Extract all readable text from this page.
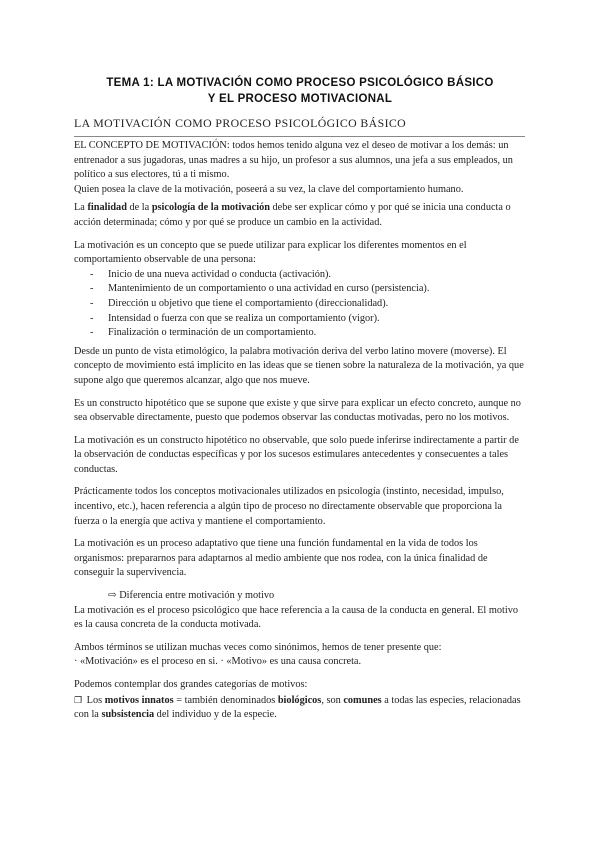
TEMA 1: LA MOTIVACIÓN COMO PROCESO PSICOLÓGICO BÁSICO
Y EL PROCESO MOTIVACIONAL
LA MOTIVACIÓN COMO PROCESO PSICOLÓGICO BÁSICO

EL CONCEPTO DE MOTIVACIÓN: todos hemos tenido alguna vez el deseo de motivar a los demás: un entrenador a sus jugadoras, unas madres a su hijo, un profesor a sus alumnos, una jefa a sus empleados, un político a sus electores, tú a ti mismo.

Quien posea la clave de la motivación, poseerá a su vez, la clave del comportamiento humano.

La finalidad de la psicología de la motivación debe ser explicar cómo y por qué se inicia una conducta o acción determinada; cómo y por qué se produce un cambio en la actividad.

La motivación es un concepto que se puede utilizar para explicar los diferentes momentos en el comportamiento observable de una persona:

- Inicio de una nueva actividad o conducta (activación).
- Mantenimiento de un comportamiento o una actividad en curso (persistencia).
- Dirección u objetivo que tiene el comportamiento (direccionalidad).
- Intensidad o fuerza con que se realiza un comportamiento (vigor).
- Finalización o terminación de un comportamiento.

Desde un punto de vista etimológico, la palabra motivación deriva del verbo latino movere (moverse). El concepto de movimiento está implícito en las ideas que se tienen sobre la naturaleza de la motivación, ya que supone algo que queremos alcanzar, algo que nos mueve.

Es un constructo hipotético que se supone que existe y que sirve para explicar un efecto concreto, aunque no sea observable directamente, puesto que podemos observar las conductas motivadas, pero no los motivos.

La motivación es un constructo hipotético no observable, que solo puede inferirse indirectamente a partir de la observación de conductas específicas y por los sucesos estimulares antecedentes y consecuentes a tales conductas.

Prácticamente todos los conceptos motivacionales utilizados en psicología (instinto, necesidad, impulso, incentivo, etc.), hacen referencia a algún tipo de proceso no directamente observable que proporciona la fuerza o la energía que activa y mantiene el comportamiento.

La motivación es un proceso adaptativo que tiene una función fundamental en la vida de todos los organismos: prepararnos para adaptarnos al medio ambiente que nos rodea, con la única finalidad de conseguir la supervivencia.

⇨ Diferencia entre motivación y motivo

La motivación es el proceso psicológico que hace referencia a la causa de la conducta en general. El motivo es la causa concreta de la conducta motivada.

Ambos términos se utilizan muchas veces como sinónimos, hemos de tener presente que:

· «Motivación» es el proceso en si. · «Motivo» es una causa concreta.

Podemos contemplar dos grandes categorías de motivos:

❐ Los motivos innatos = también denominados biológicos, son comunes a todas las especies, relacionadas con la subsistencia del individuo y de la especie.
